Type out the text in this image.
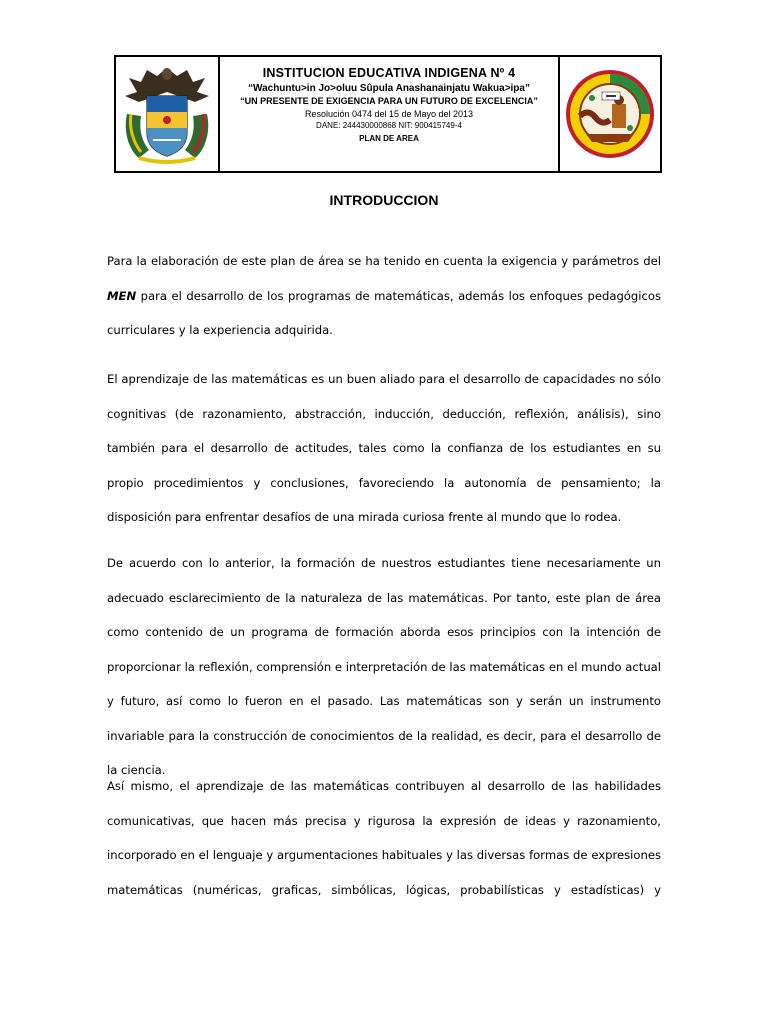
INSTITUCION EDUCATIVA INDIGENA Nº 4

“Wachuntu>in Jo>oluu Sûpula Anashanainjatu Wakua>ipa”

“UN PRESENTE DE EXIGENCIA PARA UN FUTURO DE EXCELENCIA”

Resolución 0474 del 15 de Mayo del 2013

DANE: 244430000868 NIT: 900415749-4

PLAN DE AREA

INTRODUCCION
Para la elaboración de este plan de área se ha tenido en cuenta la exigencia y parámetros del MEN para el desarrollo de los programas de matemáticas, además los enfoques pedagógicos curriculares y la experiencia adquirida.
El aprendizaje de las matemáticas es un buen aliado para el desarrollo de capacidades no sólo cognitivas (de razonamiento, abstracción, inducción, deducción, reflexión, análisis), sino también para el desarrollo de actitudes, tales como la confianza de los estudiantes en su propio procedimientos y conclusiones, favoreciendo la autonomía de pensamiento; la disposición para enfrentar desafíos de una mirada curiosa frente al mundo que lo rodea.
De acuerdo con lo anterior, la formación de nuestros estudiantes tiene necesariamente un adecuado esclarecimiento de la naturaleza de las matemáticas. Por tanto, este plan de área como contenido de un programa de formación aborda esos principios con la intención de proporcionar la reflexión, comprensión e interpretación de las matemáticas en el mundo actual y futuro, así como lo fueron en el pasado. Las matemáticas son y serán un instrumento invariable para la construcción de conocimientos de la realidad, es decir, para el desarrollo de la ciencia.
Así mismo, el aprendizaje de las matemáticas contribuyen al desarrollo de las habilidades comunicativas, que hacen más precisa y rigurosa la expresión de ideas y razonamiento, incorporado en el lenguaje y argumentaciones habituales y las diversas formas de expresiones matemáticas (numéricas, graficas, simbólicas, lógicas, probabilísticas y estadísticas) y
